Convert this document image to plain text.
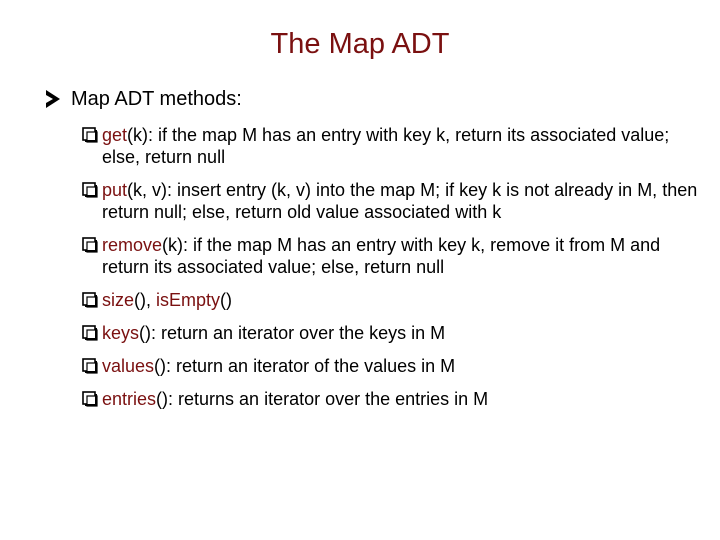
The Map ADT
Map ADT methods:
get(k): if the map M has an entry with key k, return its associated value; else, return null
put(k, v): insert entry (k, v) into the map M; if key k is not already in M, then return null; else, return old value associated with k
remove(k): if the map M has an entry with key k, remove it from M and return its associated value; else, return null
size(), isEmpty()
keys(): return an iterator over the keys in M
values(): return an iterator of the values in M
entries(): returns an iterator over the entries in M
